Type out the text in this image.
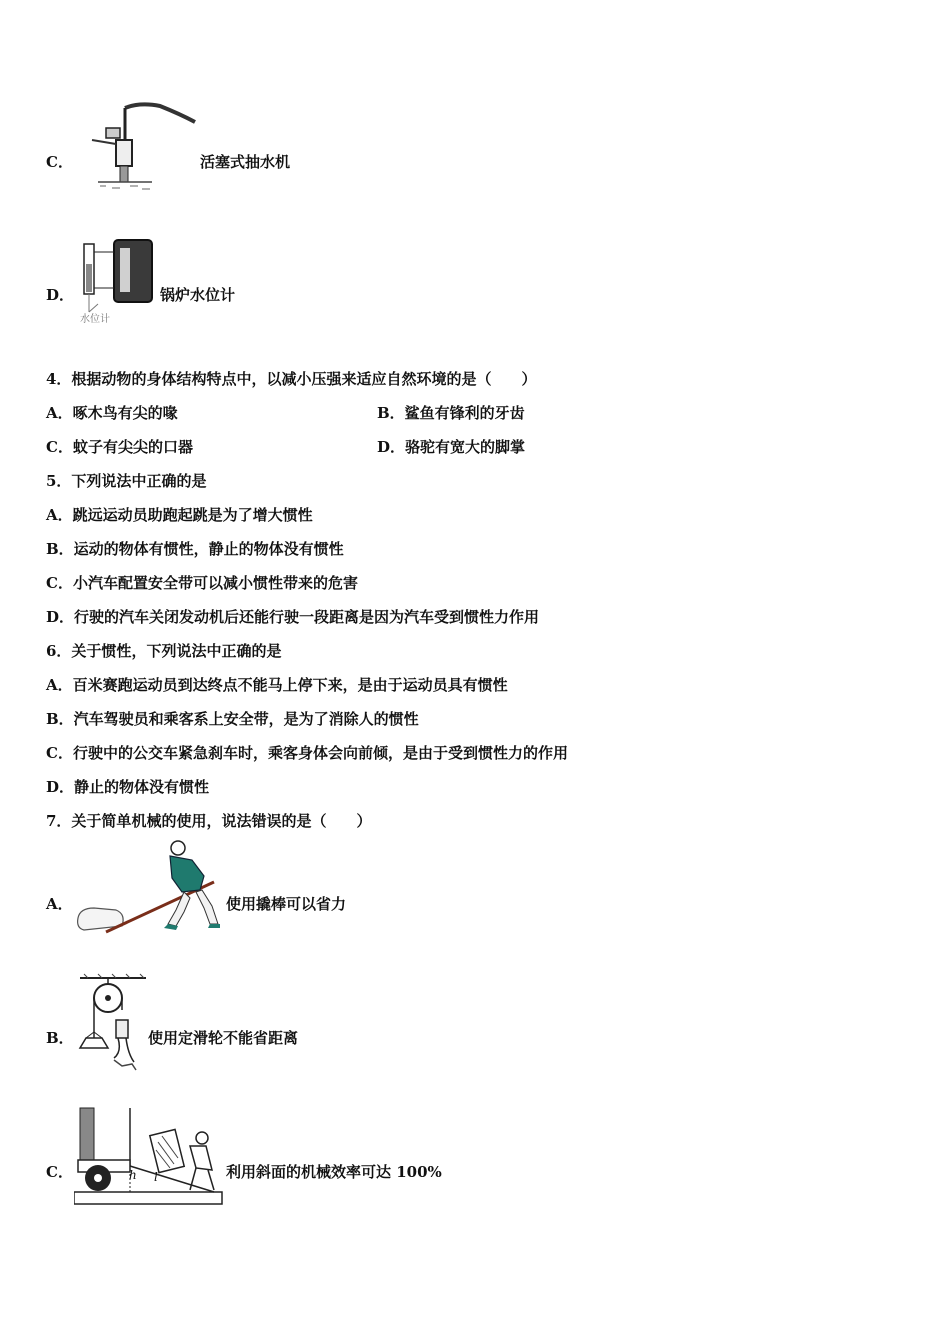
C．	活塞式抽水机
D．
水位计
锅炉水位计
4．根据动物的身体结构特点中，以减小压强来适应自然环境的是（　　）
A．啄木鸟有尖的喙	B．鲨鱼有锋利的牙齿
C．蚊子有尖尖的口器	D．骆驼有宽大的脚掌
5．下列说法中正确的是
A．跳远运动员助跑起跳是为了增大惯性
B．运动的物体有惯性，静止的物体没有惯性
C．小汽车配置安全带可以减小惯性带来的危害
D．行驶的汽车关闭发动机后还能行驶一段距离是因为汽车受到惯性力作用
6．关于惯性，下列说法中正确的是
A．百米赛跑运动员到达终点不能马上停下来，是由于运动员具有惯性
B．汽车驾驶员和乘客系上安全带，是为了消除人的惯性
C．行驶中的公交车紧急刹车时，乘客身体会向前倾，是由于受到惯性力的作用
D．静止的物体没有惯性
7．关于简单机械的使用，说法错误的是（　　）
A．	使用撬棒可以省力
B．	使用定滑轮不能省距离
C．	h l	利用斜面的机械效率可达 100%
